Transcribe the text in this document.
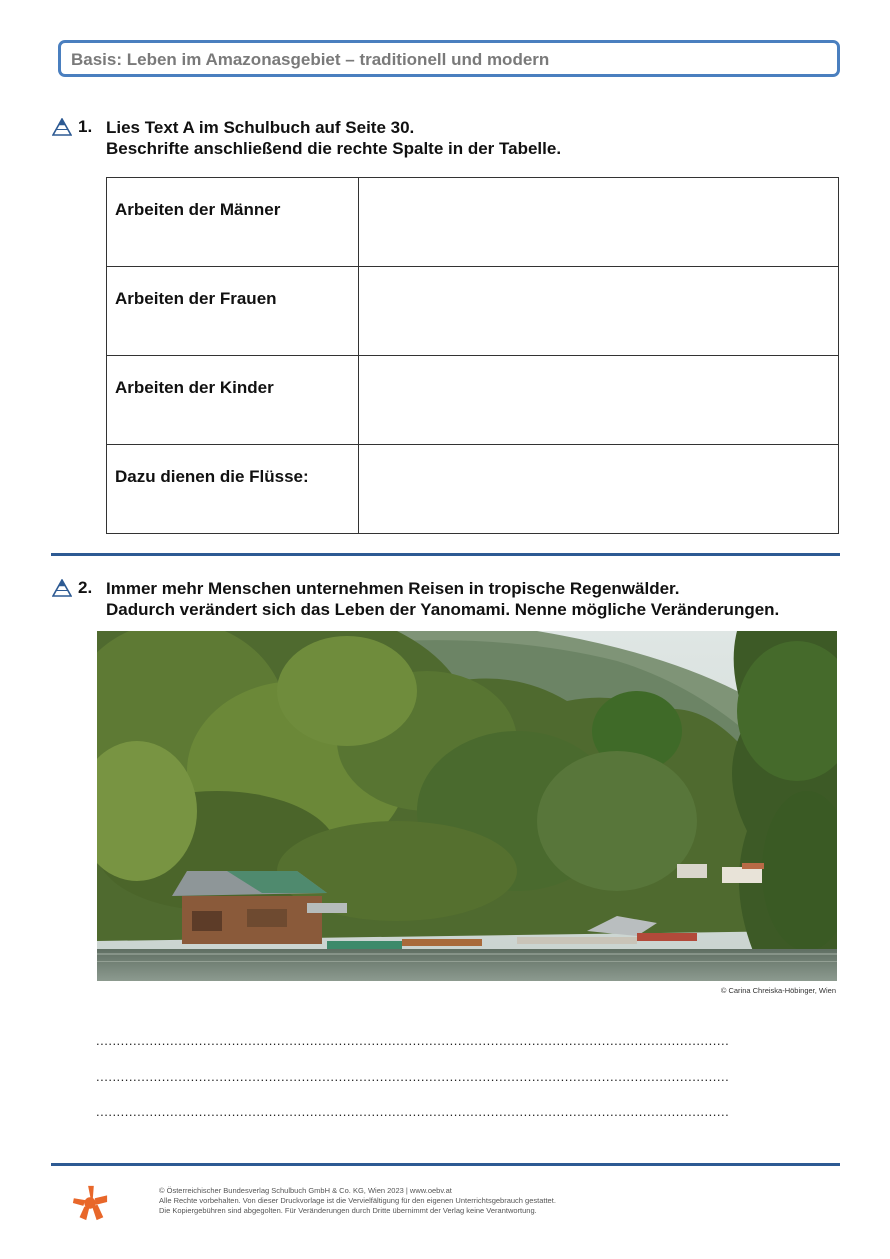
Basis: Leben im Amazonasgebiet – traditionell und modern
1. Lies Text A im Schulbuch auf Seite 30.
Beschrifte anschließend die rechte Spalte in der Tabelle.
Arbeiten der Männer	
Arbeiten der Frauen	
Arbeiten der Kinder	
Dazu dienen die Flüsse:	
2. Immer mehr Menschen unternehmen Reisen in tropische Regenwälder.
Dadurch verändert sich das Leben der Yanomami. Nenne mögliche Veränderungen.
© Carina Chreiska-Höbinger, Wien
..........................................................................................................................................................
..........................................................................................................................................................
..........................................................................................................................................................
© Österreichischer Bundesverlag Schulbuch GmbH & Co. KG, Wien 2023 | www.oebv.at
Alle Rechte vorbehalten. Von dieser Druckvorlage ist die Vervielfältigung für den eigenen Unterrichtsgebrauch gestattet.
Die Kopiergebühren sind abgegolten. Für Veränderungen durch Dritte übernimmt der Verlag keine Verantwortung.
